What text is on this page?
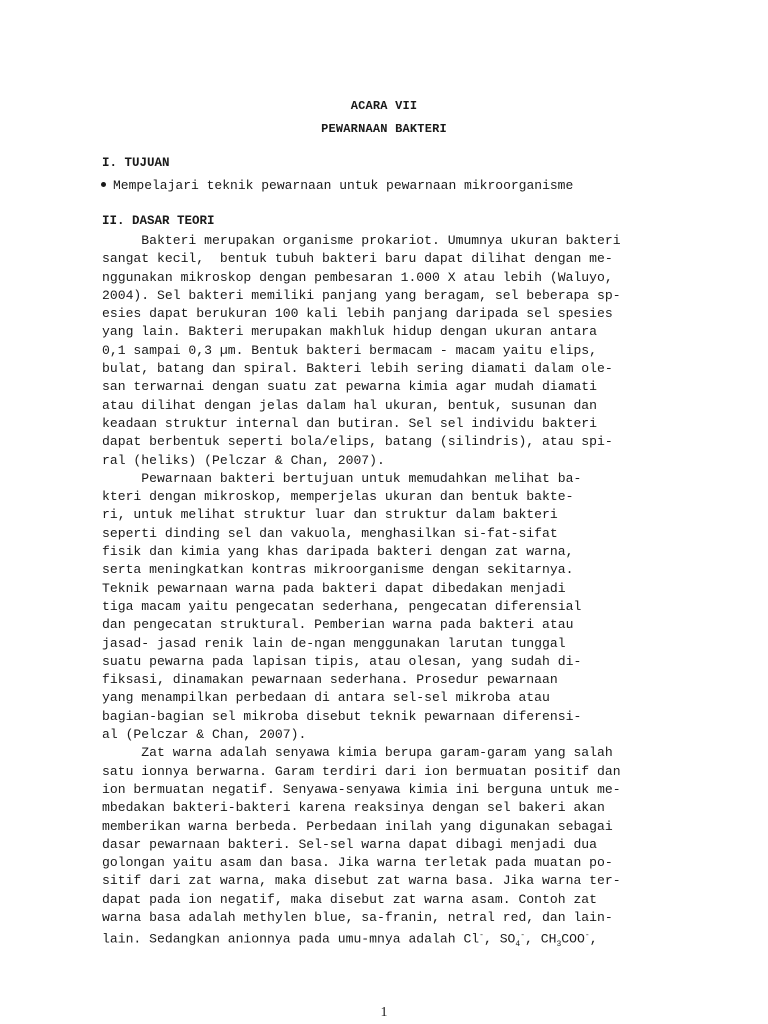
ACARA VII
PEWARNAAN BAKTERI
I. TUJUAN
Mempelajari teknik pewarnaan untuk pewarnaan mikroorganisme
II. DASAR TEORI
Bakteri merupakan organisme prokariot. Umumnya ukuran bakteri
sangat kecil,  bentuk tubuh bakteri baru dapat dilihat dengan me-
nggunakan mikroskop dengan pembesaran 1.000 X atau lebih (Waluyo,
2004). Sel bakteri memiliki panjang yang beragam, sel beberapa sp-
esies dapat berukuran 100 kali lebih panjang daripada sel spesies
yang lain. Bakteri merupakan makhluk hidup dengan ukuran antara
0,1 sampai 0,3 µm. Bentuk bakteri bermacam - macam yaitu elips,
bulat, batang dan spiral. Bakteri lebih sering diamati dalam ole-
san terwarnai dengan suatu zat pewarna kimia agar mudah diamati
atau dilihat dengan jelas dalam hal ukuran, bentuk, susunan dan
keadaan struktur internal dan butiran. Sel sel individu bakteri
dapat berbentuk seperti bola/elips, batang (silindris), atau spi-
ral (heliks) (Pelczar & Chan, 2007).
Pewarnaan bakteri bertujuan untuk memudahkan melihat ba-
kteri dengan mikroskop, memperjelas ukuran dan bentuk bakte-
ri, untuk melihat struktur luar dan struktur dalam bakteri
seperti dinding sel dan vakuola, menghasilkan si-fat-sifat
fisik dan kimia yang khas daripada bakteri dengan zat warna,
serta meningkatkan kontras mikroorganisme dengan sekitarnya.
Teknik pewarnaan warna pada bakteri dapat dibedakan menjadi
tiga macam yaitu pengecatan sederhana, pengecatan diferensial
dan pengecatan struktural. Pemberian warna pada bakteri atau
jasad- jasad renik lain de-ngan menggunakan larutan tunggal
suatu pewarna pada lapisan tipis, atau olesan, yang sudah di-
fiksasi, dinamakan pewarnaan sederhana. Prosedur pewarnaan
yang menampilkan perbedaan di antara sel-sel mikroba atau
bagian-bagian sel mikroba disebut teknik pewarnaan diferensi-
al (Pelczar & Chan, 2007).
Zat warna adalah senyawa kimia berupa garam-garam yang salah
satu ionnya berwarna. Garam terdiri dari ion bermuatan positif dan
ion bermuatan negatif. Senyawa-senyawa kimia ini berguna untuk me-
mbedakan bakteri-bakteri karena reaksinya dengan sel bakeri akan
memberikan warna berbeda. Perbedaan inilah yang digunakan sebagai
dasar pewarnaan bakteri. Sel-sel warna dapat dibagi menjadi dua
golongan yaitu asam dan basa. Jika warna terletak pada muatan po-
sitif dari zat warna, maka disebut zat warna basa. Jika warna ter-
dapat pada ion negatif, maka disebut zat warna asam. Contoh zat
warna basa adalah methylen blue, sa-franin, netral red, dan lain-
lain. Sedangkan anionnya pada umu-mnya adalah Cl-, $SO_4^-$, $CH_3COO^-$,
1
